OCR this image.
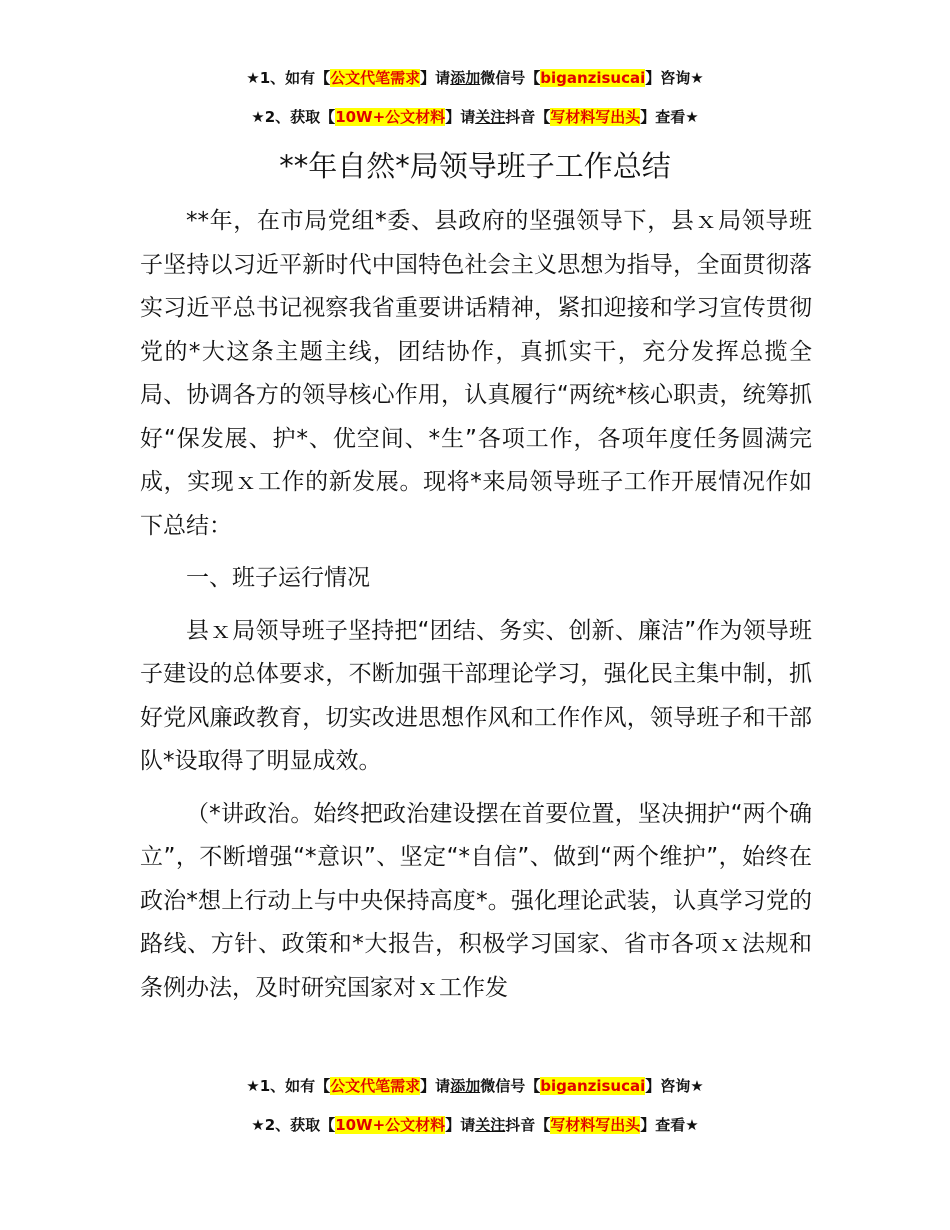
★1、如有【公文代笔需求】请添加微信号【biganzisucai】咨询★
★2、获取【10W+公文材料】请关注抖音【写材料写出头】查看★
**年自然*局领导班子工作总结

**年，在市局党组*委、县政府的坚强领导下，县ｘ局领导班子坚持以习近平新时代中国特色社会主义思想为指导，全面贯彻落实习近平总书记视察我省重要讲话精神，紧扣迎接和学习宣传贯彻党的*大这条主题主线，团结协作，真抓实干，充分发挥总揽全局、协调各方的领导核心作用，认真履行“两统*核心职责，统筹抓好“保发展、护*、优空间、*生”各项工作，各项年度任务圆满完成，实现ｘ工作的新发展。现将*来局领导班子工作开展情况作如下总结：

一、班子运行情况

县ｘ局领导班子坚持把“团结、务实、创新、廉洁”作为领导班子建设的总体要求，不断加强干部理论学习，强化民主集中制，抓好党风廉政教育，切实改进思想作风和工作作风，领导班子和干部队*设取得了明显成效。

（*讲政治。始终把政治建设摆在首要位置，坚决拥护“两个确立”，不断增强“*意识”、坚定“*自信”、做到“两个维护”，始终在政治*想上行动上与中央保持高度*。强化理论武装，认真学习党的路线、方针、政策和*大报告，积极学习国家、省市各项ｘ法规和条例办法，及时研究国家对ｘ工作发

★1、如有【公文代笔需求】请添加微信号【biganzisucai】咨询★
★2、获取【10W+公文材料】请关注抖音【写材料写出头】查看★
